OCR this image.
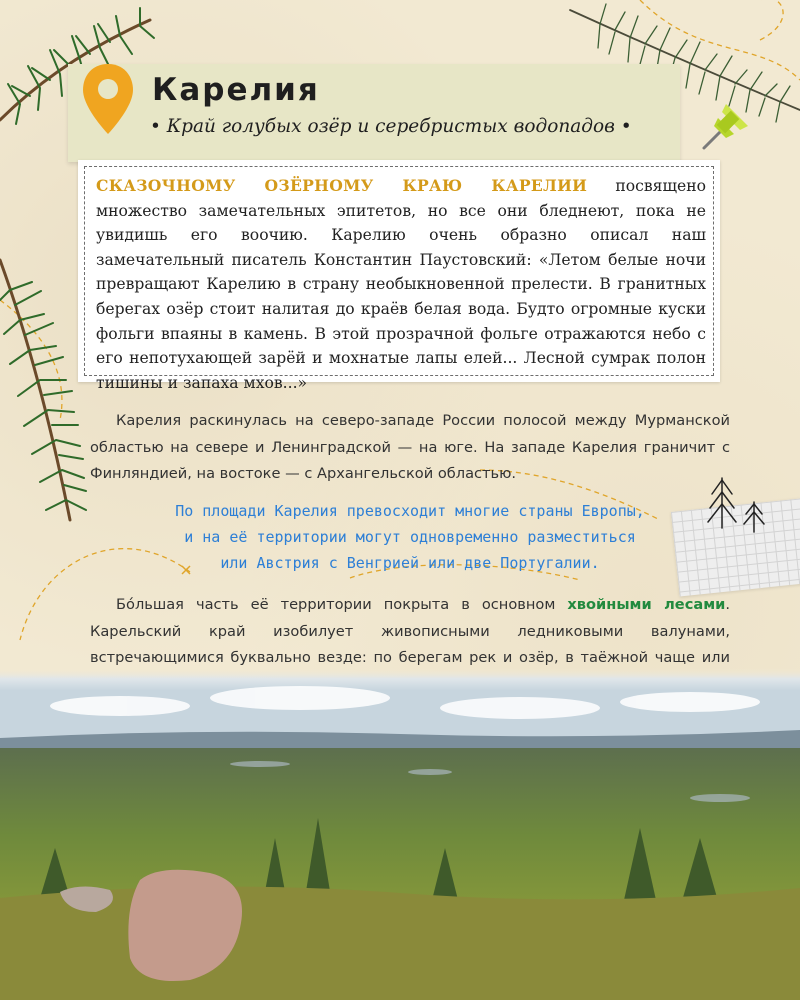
Карелия
• Край голубых озёр и серебристых водопадов •
СКАЗОЧНОМУ ОЗЁРНОМУ КРАЮ КАРЕЛИИ посвящено множество замечательных эпитетов, но все они бледнеют, пока не увидишь его воочию. Карелию очень образно описал наш замечательный писатель Константин Паустовский: «Летом белые ночи превращают Карелию в страну необыкновенной прелести. В гранитных берегах озёр стоит налитая до краёв белая вода. Будто огромные куски фольги впаяны в камень. В этой прозрачной фольге отражаются небо с его непотухающей зарёй и мохнатые лапы елей... Лесной сумрак полон тишины и запаха мхов...»
Карелия раскинулась на северо-западе России полосой между Мурманской областью на севере и Ленинградской — на юге. На западе Карелия граничит с Финляндией, на востоке — с Архангельской областью.
По площади Карелия превосходит многие страны Европы,
и на её территории могут одновременно разместиться
или Австрия с Венгрией или две Португалии.
Бо́льшая часть её территории покрыта в основном хвойными лесами. Карельский край изобилует живописными ледниковыми валунами, встречающимися буквально везде: по берегам рек и озёр, в таёжной чаще или
